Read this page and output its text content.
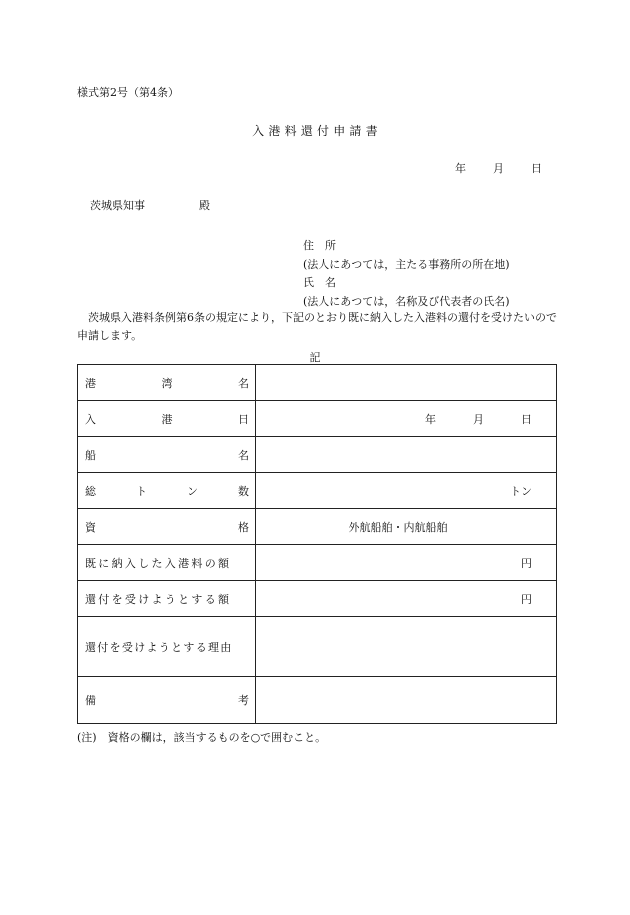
様式第2号（第4条）
入 港 料 還 付 申 請 書
年 月 日
茨城県知事	殿
住　所
(法人にあつては，主たる事務所の所在地)
氏　名
(法人にあつては，名称及び代表者の氏名)
茨城県入港料条例第6条の規定により，下記のとおり既に納入した入港料の還付を受けたいので申請します。
記
港 湾 名	

入 港 日	年 月 日

船 名	

総 ト ン 数	トン

資 格	外航船舶・内航船舶
既に納入した入港料の額	円
還付を受けようとする額	円
還付を受けようとする理由	

備 考	

(注)　資格の欄は，該当するものを○で囲むこと。
